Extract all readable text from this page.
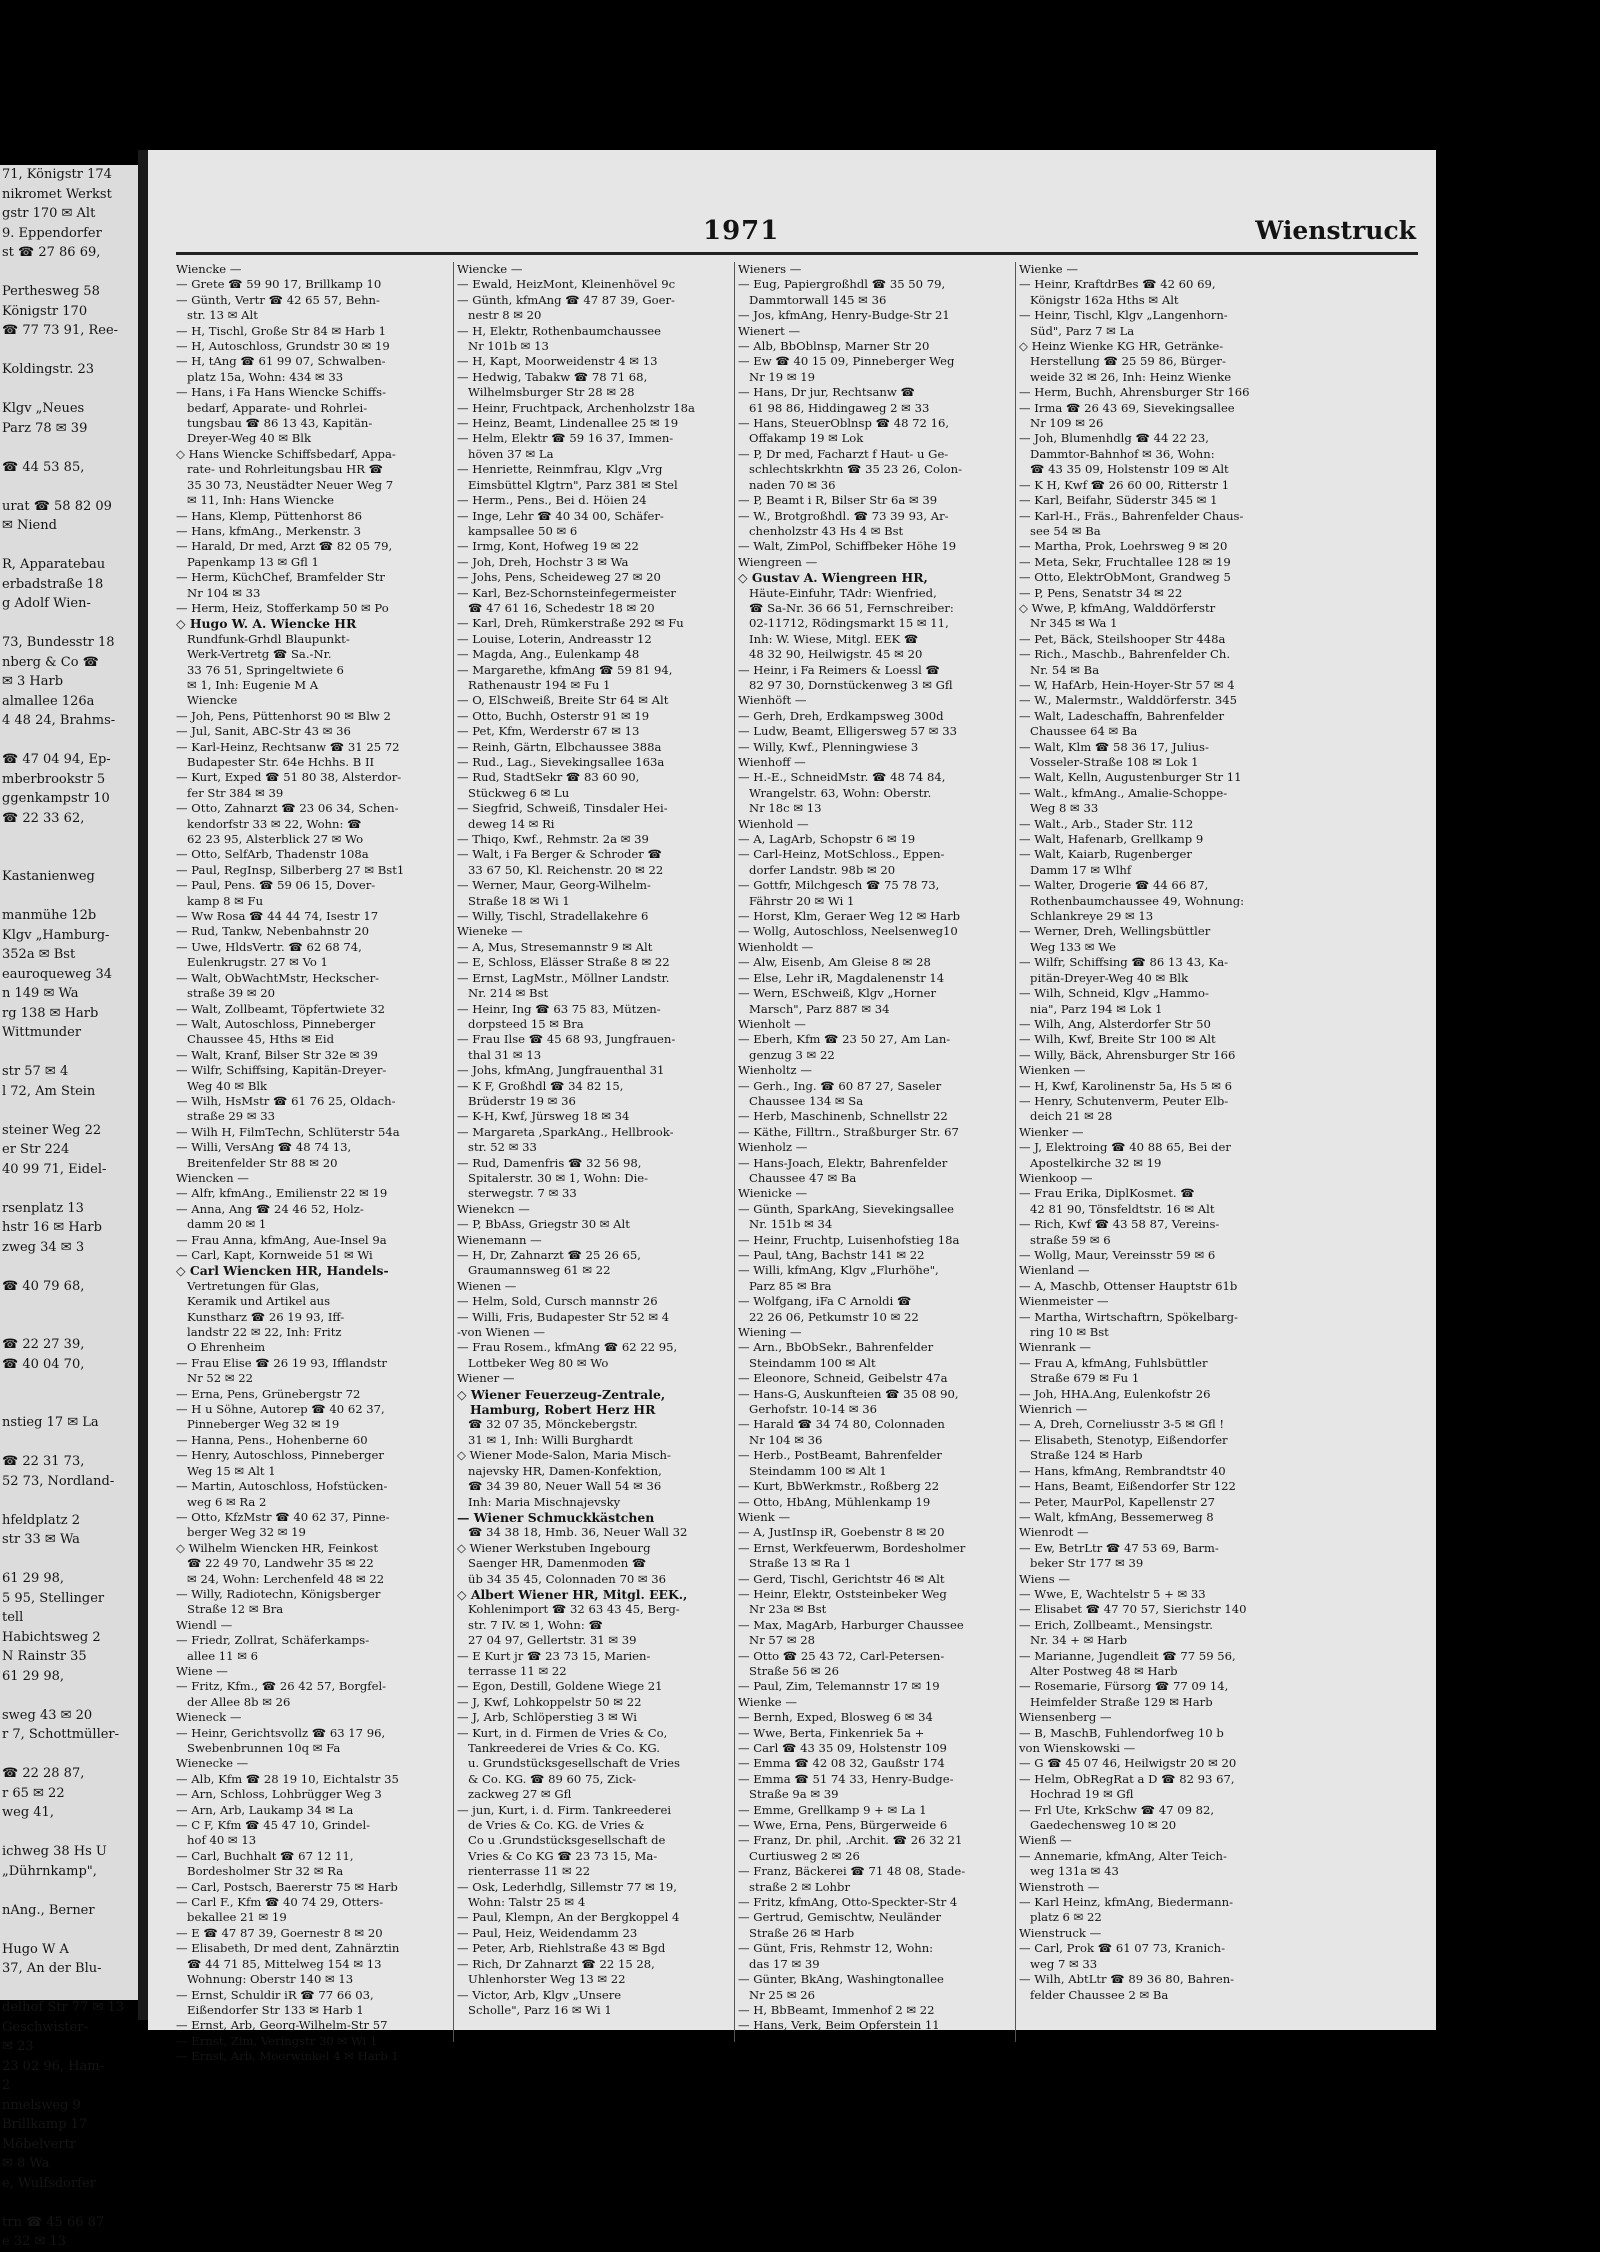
71, Königstr 174
nikromet Werkst
gstr 170 ✉ Alt
9. Eppendorfer
st ☎ 27 86 69,

Perthesweg 58
Königstr 170
☎ 77 73 91, Ree-

Koldingstr. 23

Klgv „Neues
Parz 78 ✉ 39

☎ 44 53 85,

urat ☎ 58 82 09
✉ Niend

R, Apparatebau
erbadstraße 18
g Adolf Wien-

73, Bundesstr 18
nberg & Co ☎
✉ 3 Harb
almallee 126a
4 48 24, Brahms-

☎ 47 04 94, Ep-
mberbrookstr 5
ggenkampstr 10
☎ 22 33 62,

Kastanienweg

manmühe 12b
Klgv „Hamburg-
352a ✉ Bst
eauroqueweg 34
n 149 ✉ Wa
rg 138 ✉ Harb
Wittmunder

str 57 ✉ 4
l 72, Am Stein

steiner Weg 22
er Str 224
40 99 71, Eidel-

rsenplatz 13
hstr 16 ✉ Harb
zweg 34 ✉ 3

☎ 40 79 68,

☎ 22 27 39,
☎ 40 04 70,

nstieg 17 ✉ La

☎ 22 31 73,
52 73, Nordland-

hfeldplatz 2
str 33 ✉ Wa

61 29 98,
5 95, Stellinger
tell
Habichtsweg 2
N Rainstr 35
61 29 98,

sweg 43 ✉ 20
r 7, Schottmüller-

☎ 22 28 87,
r 65 ✉ 22
weg 41,

ichweg 38 Hs U
„Dührnkamp",

nAng., Berner

Hugo W A
37, An der Blu-

delhof Str 77 ✉ 13
Geschwister-
✉ 23
23 02 96, Ham-
2
nmelsweg 9
Brillkamp 17
Möbelvertr
✉ 8 Wa
e, Wulfsdorfer

trn ☎ 45 66 87
e 32 ✉ 13
1971	Wienstruck
Wiencke —
— Grete ☎ 59 90 17, Brillkamp 10
— Günth, Vertr ☎ 42 65 57, Behn-
str. 13 ✉ Alt
— H, Tischl, Große Str 84 ✉ Harb 1
— H, Autoschloss, Grundstr 30 ✉ 19
— H, tAng ☎ 61 99 07, Schwalben-
platz 15a, Wohn: 434 ✉ 33
— Hans, i Fa Hans Wiencke Schiffs-
bedarf, Apparate- und Rohrlei-
tungsbau ☎ 86 13 43, Kapitän-
Dreyer-Weg 40 ✉ Blk
◇ Hans Wiencke Schiffsbedarf, Appa-
rate- und Rohrleitungsbau HR ☎
35 30 73, Neustädter Neuer Weg 7
✉ 11, Inh: Hans Wiencke
— Hans, Klemp, Püttenhorst 86
— Hans, kfmAng., Merkenstr. 3
— Harald, Dr med, Arzt ☎ 82 05 79,
Papenkamp 13 ✉ Gfl 1
— Herm, KüchChef, Bramfelder Str
Nr 104 ✉ 33
— Herm, Heiz, Stofferkamp 50 ✉ Po
◇ Hugo W. A. Wiencke HR
Rundfunk-Grhdl Blaupunkt-
Werk-Vertretg ☎ Sa.-Nr.
33 76 51, Springeltwiete 6
✉ 1, Inh: Eugenie M A
Wiencke
— Joh, Pens, Püttenhorst 90 ✉ Blw 2
— Jul, Sanit, ABC-Str 43 ✉ 36
— Karl-Heinz, Rechtsanw ☎ 31 25 72
Budapester Str. 64e Hchhs. B II
— Kurt, Exped ☎ 51 80 38, Alsterdor-
fer Str 384 ✉ 39
— Otto, Zahnarzt ☎ 23 06 34, Schen-
kendorfstr 33 ✉ 22, Wohn: ☎
62 23 95, Alsterblick 27 ✉ Wo
— Otto, SelfArb, Thadenstr 108a
— Paul, RegInsp, Silberberg 27 ✉ Bst1
— Paul, Pens. ☎ 59 06 15, Dover-
kamp 8 ✉ Fu
— Ww Rosa ☎ 44 44 74, Isestr 17
— Rud, Tankw, Nebenbahnstr 20
— Uwe, HldsVertr. ☎ 62 68 74,
Eulenkrugstr. 27 ✉ Vo 1
— Walt, ObWachtMstr, Heckscher-
straße 39 ✉ 20
— Walt, Zollbeamt, Töpfertwiete 32
— Walt, Autoschloss, Pinneberger
Chaussee 45, Hths ✉ Eid
— Walt, Kranf, Bilser Str 32e ✉ 39
— Wilfr, Schiffsing, Kapitän-Dreyer-
Weg 40 ✉ Blk
— Wilh, HsMstr ☎ 61 76 25, Oldach-
straße 29 ✉ 33
— Wilh H, FilmTechn, Schlüterstr 54a
— Willi, VersAng ☎ 48 74 13,
Breitenfelder Str 88 ✉ 20
Wiencken —
— Alfr, kfmAng., Emilienstr 22 ✉ 19
— Anna, Ang ☎ 24 46 52, Holz-
damm 20 ✉ 1
— Frau Anna, kfmAng, Aue-Insel 9a
— Carl, Kapt, Kornweide 51 ✉ Wi
◇ Carl Wiencken HR, Handels-
Vertretungen für Glas,
Keramik und Artikel aus
Kunstharz ☎ 26 19 93, Iff-
landstr 22 ✉ 22, Inh: Fritz
O Ehrenheim
— Frau Elise ☎ 26 19 93, Ifflandstr
Nr 52 ✉ 22
— Erna, Pens, Grünebergstr 72
— H u Söhne, Autorep ☎ 40 62 37,
Pinneberger Weg 32 ✉ 19
— Hanna, Pens., Hohenberne 60
— Henry, Autoschloss, Pinneberger
Weg 15 ✉ Alt 1
— Martin, Autoschloss, Hofstücken-
weg 6 ✉ Ra 2
— Otto, KfzMstr ☎ 40 62 37, Pinne-
berger Weg 32 ✉ 19
◇ Wilhelm Wiencken HR, Feinkost
☎ 22 49 70, Landwehr 35 ✉ 22
✉ 24, Wohn: Lerchenfeld 48 ✉ 22
— Willy, Radiotechn, Königsberger
Straße 12 ✉ Bra
Wiendl —
— Friedr, Zollrat, Schäferkamps-
allee 11 ✉ 6
Wiene —
— Fritz, Kfm., ☎ 26 42 57, Borgfel-
der Allee 8b ✉ 26
Wieneck —
— Heinr, Gerichtsvollz ☎ 63 17 96,
Swebenbrunnen 10q ✉ Fa
Wienecke —
— Alb, Kfm ☎ 28 19 10, Eichtalstr 35
— Arn, Schloss, Lohbrügger Weg 3
— Arn, Arb, Laukamp 34 ✉ La
— C F, Kfm ☎ 45 47 10, Grindel-
hof 40 ✉ 13
— Carl, Buchhalt ☎ 67 12 11,
Bordesholmer Str 32 ✉ Ra
— Carl, Postsch, Baererstr 75 ✉ Harb
— Carl F., Kfm ☎ 40 74 29, Otters-
bekallee 21 ✉ 19
— E ☎ 47 87 39, Goernestr 8 ✉ 20
— Elisabeth, Dr med dent, Zahnärztin
☎ 44 71 85, Mittelweg 154 ✉ 13
Wohnung: Oberstr 140 ✉ 13
— Ernst, Schuldir iR ☎ 77 66 03,
Eißendorfer Str 133 ✉ Harb 1
— Ernst, Arb, Georg-Wilhelm-Str 57
— Ernst, Zim, Veringstr 30 ✉ Wi 1
— Ernst, Arb, Moorwinkel 4 ✉ Harb 1
Wiencke —
— Ewald, HeizMont, Kleinenhövel 9c
— Günth, kfmAng ☎ 47 87 39, Goer-
nestr 8 ✉ 20
— H, Elektr, Rothenbaumchaussee
Nr 101b ✉ 13
— H, Kapt, Moorweidenstr 4 ✉ 13
— Hedwig, Tabakw ☎ 78 71 68,
Wilhelmsburger Str 28 ✉ 28
— Heinr, Fruchtpack, Archenholzstr 18a
— Heinz, Beamt, Lindenallee 25 ✉ 19
— Helm, Elektr ☎ 59 16 37, Immen-
höven 37 ✉ La
— Henriette, Reinmfrau, Klgv „Vrg
Eimsbüttel Klgtrn", Parz 381 ✉ Stel
— Herm., Pens., Bei d. Höien 24
— Inge, Lehr ☎ 40 34 00, Schäfer-
kampsallee 50 ✉ 6
— Irmg, Kont, Hofweg 19 ✉ 22
— Joh, Dreh, Hochstr 3 ✉ Wa
— Johs, Pens, Scheideweg 27 ✉ 20
— Karl, Bez-Schornsteinfegermeister
☎ 47 61 16, Schedestr 18 ✉ 20
— Karl, Dreh, Rümkerstraße 292 ✉ Fu
— Louise, Loterin, Andreasstr 12
— Magda, Ang., Eulenkamp 48
— Margarethe, kfmAng ☎ 59 81 94,
Rathenaustr 194 ✉ Fu 1
— O, ElSchweiß, Breite Str 64 ✉ Alt
— Otto, Buchh, Osterstr 91 ✉ 19
— Pet, Kfm, Werderstr 67 ✉ 13
— Reinh, Gärtn, Elbchaussee 388a
— Rud., Lag., Sievekingsallee 163a
— Rud, StadtSekr ☎ 83 60 90,
Stückweg 6 ✉ Lu
— Siegfrid, Schweiß, Tinsdaler Hei-
deweg 14 ✉ Ri
— Thiqo, Kwf., Rehmstr. 2a ✉ 39
— Walt, i Fa Berger & Schroder ☎
33 67 50, Kl. Reichenstr. 20 ✉ 22
— Werner, Maur, Georg-Wilhelm-
Straße 18 ✉ Wi 1
— Willy, Tischl, Stradellakehre 6
Wieneke —
— A, Mus, Stresemannstr 9 ✉ Alt
— E, Schloss, Elässer Straße 8 ✉ 22
— Ernst, LagMstr., Möllner Landstr.
Nr. 214 ✉ Bst
— Heinr, Ing ☎ 63 75 83, Mützen-
dorpsteed 15 ✉ Bra
— Frau Ilse ☎ 45 68 93, Jungfrauen-
thal 31 ✉ 13
— Johs, kfmAng, Jungfrauenthal 31
— K F, Großhdl ☎ 34 82 15,
Brüderstr 19 ✉ 36
— K-H, Kwf, Jürsweg 18 ✉ 34
— Margareta ,SparkAng., Hellbrook-
str. 52 ✉ 33
— Rud, Damenfris ☎ 32 56 98,
Spitalerstr. 30 ✉ 1, Wohn: Die-
sterwegstr. 7 ✉ 33
Wienekcn —
— P, BbAss, Griegstr 30 ✉ Alt
Wienemann —
— H, Dr, Zahnarzt ☎ 25 26 65,
Graumannsweg 61 ✉ 22
Wienen —
— Helm, Sold, Cursch mannstr 26
— Willi, Fris, Budapester Str 52 ✉ 4
-von Wienen —
— Frau Rosem., kfmAng ☎ 62 22 95,
Lottbeker Weg 80 ✉ Wo
Wiener —
◇ Wiener Feuerzeug-Zentrale,
Hamburg, Robert Herz HR
☎ 32 07 35, Mönckebergstr.
31 ✉ 1, Inh: Willi Burghardt
◇ Wiener Mode-Salon, Maria Misch-
najevsky HR, Damen-Konfektion,
☎ 34 39 80, Neuer Wall 54 ✉ 36
Inh: Maria Mischnajevsky
— Wiener Schmuckkästchen
☎ 34 38 18, Hmb. 36, Neuer Wall 32
◇ Wiener Werkstuben Ingebourg
Saenger HR, Damenmoden ☎
üb 34 35 45, Colonnaden 70 ✉ 36
◇ Albert Wiener HR, Mitgl. EEK.,
Kohlenimport ☎ 32 63 43 45, Berg-
str. 7 IV. ✉ 1, Wohn: ☎
27 04 97, Gellertstr. 31 ✉ 39
— E Kurt jr ☎ 23 73 15, Marien-
terrasse 11 ✉ 22
— Egon, Destill, Goldene Wiege 21
— J, Kwf, Lohkoppelstr 50 ✉ 22
— J, Arb, Schlöperstieg 3 ✉ Wi
— Kurt, in d. Firmen de Vries & Co,
Tankreederei de Vries & Co. KG.
u. Grundstücksgesellschaft de Vries
& Co. KG. ☎ 89 60 75, Zick-
zackweg 27 ✉ Gfl
— jun, Kurt, i. d. Firm. Tankreederei
de Vries & Co. KG. de Vries &
Co u .Grundstücksgesellschaft de
Vries & Co KG ☎ 23 73 15, Ma-
rienterrasse 11 ✉ 22
— Osk, Lederhdlg, Sillemstr 77 ✉ 19,
Wohn: Talstr 25 ✉ 4
— Paul, Klempn, An der Bergkoppel 4
— Paul, Heiz, Weidendamm 23
— Peter, Arb, Riehlstraße 43 ✉ Bgd
— Rich, Dr Zahnarzt ☎ 22 15 28,
Uhlenhorster Weg 13 ✉ 22
— Victor, Arb, Klgv „Unsere
Scholle", Parz 16 ✉ Wi 1
Wieners —
— Eug, Papiergroßhdl ☎ 35 50 79,
Dammtorwall 145 ✉ 36
— Jos, kfmAng, Henry-Budge-Str 21
Wienert —
— Alb, BbOblnsp, Marner Str 20
— Ew ☎ 40 15 09, Pinneberger Weg
Nr 19 ✉ 19
— Hans, Dr jur, Rechtsanw ☎
61 98 86, Hiddingaweg 2 ✉ 33
— Hans, SteuerOblnsp ☎ 48 72 16,
Offakamp 19 ✉ Lok
— P, Dr med, Facharzt f Haut- u Ge-
schlechtskrkhtn ☎ 35 23 26, Colon-
naden 70 ✉ 36
— P, Beamt i R, Bilser Str 6a ✉ 39
— W., Brotgroßhdl. ☎ 73 39 93, Ar-
chenholzstr 43 Hs 4 ✉ Bst
— Walt, ZimPol, Schiffbeker Höhe 19
Wiengreen —
◇ Gustav A. Wiengreen HR,
Häute-Einfuhr, TAdr: Wienfried,
☎ Sa-Nr. 36 66 51, Fernschreiber:
02-11712, Rödingsmarkt 15 ✉ 11,
Inh: W. Wiese, Mitgl. EEK ☎
48 32 90, Heilwigstr. 45 ✉ 20
— Heinr, i Fa Reimers & Loessl ☎
82 97 30, Dornstückenweg 3 ✉ Gfl
Wienhöft —
— Gerh, Dreh, Erdkampsweg 300d
— Ludw, Beamt, Elligersweg 57 ✉ 33
— Willy, Kwf., Plenningwiese 3
Wienhoff —
— H.-E., SchneidMstr. ☎ 48 74 84,
Wrangelstr. 63, Wohn: Oberstr.
Nr 18c ✉ 13
Wienhold —
— A, LagArb, Schopstr 6 ✉ 19
— Carl-Heinz, MotSchloss., Eppen-
dorfer Landstr. 98b ✉ 20
— Gottfr, Milchgesch ☎ 75 78 73,
Fährstr 20 ✉ Wi 1
— Horst, Klm, Geraer Weg 12 ✉ Harb
— Wollg, Autoschloss, Neelsenweg10
Wienholdt —
— Alw, Eisenb, Am Gleise 8 ✉ 28
— Else, Lehr iR, Magdalenenstr 14
— Wern, ESchweiß, Klgv „Horner
Marsch", Parz 887 ✉ 34
Wienholt —
— Eberh, Kfm ☎ 23 50 27, Am Lan-
genzug 3 ✉ 22
Wienholtz —
— Gerh., Ing. ☎ 60 87 27, Saseler
Chaussee 134 ✉ Sa
— Herb, Maschinenb, Schnellstr 22
— Käthe, Filltrn., Straßburger Str. 67
Wienholz —
— Hans-Joach, Elektr, Bahrenfelder
Chaussee 47 ✉ Ba
Wienicke —
— Günth, SparkAng, Sievekingsallee
Nr. 151b ✉ 34
— Heinr, Fruchtp, Luisenhofstieg 18a
— Paul, tAng, Bachstr 141 ✉ 22
— Willi, kfmAng, Klgv „Flurhöhe",
Parz 85 ✉ Bra
— Wolfgang, iFa C Arnoldi ☎
22 26 06, Petkumstr 10 ✉ 22
Wiening —
— Arn., BbObSekr., Bahrenfelder
Steindamm 100 ✉ Alt
— Eleonore, Schneid, Geibelstr 47a
— Hans-G, Auskunfteien ☎ 35 08 90,
Gerhofstr. 10-14 ✉ 36
— Harald ☎ 34 74 80, Colonnaden
Nr 104 ✉ 36
— Herb., PostBeamt, Bahrenfelder
Steindamm 100 ✉ Alt 1
— Kurt, BbWerkmstr., Roßberg 22
— Otto, HbAng, Mühlenkamp 19
Wienk —
— A, JustInsp iR, Goebenstr 8 ✉ 20
— Ernst, Werkfeuerwm, Bordesholmer
Straße 13 ✉ Ra 1
— Gerd, Tischl, Gerichtstr 46 ✉ Alt
— Heinr, Elektr, Oststeinbeker Weg
Nr 23a ✉ Bst
— Max, MagArb, Harburger Chaussee
Nr 57 ✉ 28
— Otto ☎ 25 43 72, Carl-Petersen-
Straße 56 ✉ 26
— Paul, Zim, Telemannstr 17 ✉ 19
Wienke —
— Bernh, Exped, Blosweg 6 ✉ 34
— Wwe, Berta, Finkenriek 5a +
— Carl ☎ 43 35 09, Holstenstr 109
— Emma ☎ 42 08 32, Gaußstr 174
— Emma ☎ 51 74 33, Henry-Budge-
Straße 9a ✉ 39
— Emme, Grellkamp 9 + ✉ La 1
— Wwe, Erna, Pens, Bürgerweide 6
— Franz, Dr. phil, .Archit. ☎ 26 32 21
Curtiusweg 2 ✉ 26
— Franz, Bäckerei ☎ 71 48 08, Stade-
straße 2 ✉ Lohbr
— Fritz, kfmAng, Otto-Speckter-Str 4
— Gertrud, Gemischtw, Neuländer
Straße 26 ✉ Harb
— Günt, Fris, Rehmstr 12, Wohn:
das 17 ✉ 39
— Günter, BkAng, Washingtonallee
Nr 25 ✉ 26
— H, BbBeamt, Immenhof 2 ✉ 22
— Hans, Verk, Beim Opferstein 11
Wienke —
— Heinr, KraftdrBes ☎ 42 60 69,
Königstr 162a Hths ✉ Alt
— Heinr, Tischl, Klgv „Langenhorn-
Süd", Parz 7 ✉ La
◇ Heinz Wienke KG HR, Getränke-
Herstellung ☎ 25 59 86, Bürger-
weide 32 ✉ 26, Inh: Heinz Wienke
— Herm, Buchh, Ahrensburger Str 166
— Irma ☎ 26 43 69, Sievekingsallee
Nr 109 ✉ 26
— Joh, Blumenhdlg ☎ 44 22 23,
Dammtor-Bahnhof ✉ 36, Wohn:
☎ 43 35 09, Holstenstr 109 ✉ Alt
— K H, Kwf ☎ 26 60 00, Ritterstr 1
— Karl, Beifahr, Süderstr 345 ✉ 1
— Karl-H., Fräs., Bahrenfelder Chaus-
see 54 ✉ Ba
— Martha, Prok, Loehrsweg 9 ✉ 20
— Meta, Sekr, Fruchtallee 128 ✉ 19
— Otto, ElektrObMont, Grandweg 5
— P, Pens, Senatstr 34 ✉ 22
◇ Wwe, P, kfmAng, Walddörferstr
Nr 345 ✉ Wa 1
— Pet, Bäck, Steilshooper Str 448a
— Rich., Maschb., Bahrenfelder Ch.
Nr. 54 ✉ Ba
— W, HafArb, Hein-Hoyer-Str 57 ✉ 4
— W., Malermstr., Walddörferstr. 345
— Walt, Ladeschaffn, Bahrenfelder
Chaussee 64 ✉ Ba
— Walt, Klm ☎ 58 36 17, Julius-
Vosseler-Straße 108 ✉ Lok 1
— Walt, Kelln, Augustenburger Str 11
— Walt., kfmAng., Amalie-Schoppe-
Weg 8 ✉ 33
— Walt., Arb., Stader Str. 112
— Walt, Hafenarb, Grellkamp 9
— Walt, Kaiarb, Rugenberger
Damm 17 ✉ Wlhf
— Walter, Drogerie ☎ 44 66 87,
Rothenbaumchaussee 49, Wohnung:
Schlankreye 29 ✉ 13
— Werner, Dreh, Wellingsbüttler
Weg 133 ✉ We
— Wilfr, Schiffsing ☎ 86 13 43, Ka-
pitän-Dreyer-Weg 40 ✉ Blk
— Wilh, Schneid, Klgv „Hammo-
nia", Parz 194 ✉ Lok 1
— Wilh, Ang, Alsterdorfer Str 50
— Wilh, Kwf, Breite Str 100 ✉ Alt
— Willy, Bäck, Ahrensburger Str 166
Wienken —
— H, Kwf, Karolinenstr 5a, Hs 5 ✉ 6
— Henry, Schutenverm, Peuter Elb-
deich 21 ✉ 28
Wienker —
— J, Elektroing ☎ 40 88 65, Bei der
Apostelkirche 32 ✉ 19
Wienkoop —
— Frau Erika, DiplKosmet. ☎
42 81 90, Tönsfeldtstr. 16 ✉ Alt
— Rich, Kwf ☎ 43 58 87, Vereins-
straße 59 ✉ 6
— Wollg, Maur, Vereinsstr 59 ✉ 6
Wienland —
— A, Maschb, Ottenser Hauptstr 61b
Wienmeister —
— Martha, Wirtschaftrn, Spökelbarg-
ring 10 ✉ Bst
Wienrank —
— Frau A, kfmAng, Fuhlsbüttler
Straße 679 ✉ Fu 1
— Joh, HHA.Ang, Eulenkofstr 26
Wienrich —
— A, Dreh, Corneliusstr 3-5 ✉ Gfl !
— Elisabeth, Stenotyp, Eißendorfer
Straße 124 ✉ Harb
— Hans, kfmAng, Rembrandtstr 40
— Hans, Beamt, Eißendorfer Str 122
— Peter, MaurPol, Kapellenstr 27
— Walt, kfmAng, Bessemerweg 8
Wienrodt —
— Ew, BetrLtr ☎ 47 53 69, Barm-
beker Str 177 ✉ 39
Wiens —
— Wwe, E, Wachtelstr 5 + ✉ 33
— Elisabet ☎ 47 70 57, Sierichstr 140
— Erich, Zollbeamt., Mensingstr.
Nr. 34 + ✉ Harb
— Marianne, Jugendleit ☎ 77 59 56,
Alter Postweg 48 ✉ Harb
— Rosemarie, Fürsorg ☎ 77 09 14,
Heimfelder Straße 129 ✉ Harb
Wiensenberg —
— B, MaschB, Fuhlendorfweg 10 b
von Wienskowski —
— G ☎ 45 07 46, Heilwigstr 20 ✉ 20
— Helm, ObRegRat a D ☎ 82 93 67,
Hochrad 19 ✉ Gfl
— Frl Ute, KrkSchw ☎ 47 09 82,
Gaedechensweg 10 ✉ 20
Wienß —
— Annemarie, kfmAng, Alter Teich-
weg 131a ✉ 43
Wienstroth —
— Karl Heinz, kfmAng, Biedermann-
platz 6 ✉ 22
Wienstruck —
— Carl, Prok ☎ 61 07 73, Kranich-
weg 7 ✉ 33
— Wilh, AbtLtr ☎ 89 36 80, Bahren-
felder Chaussee 2 ✉ Ba
